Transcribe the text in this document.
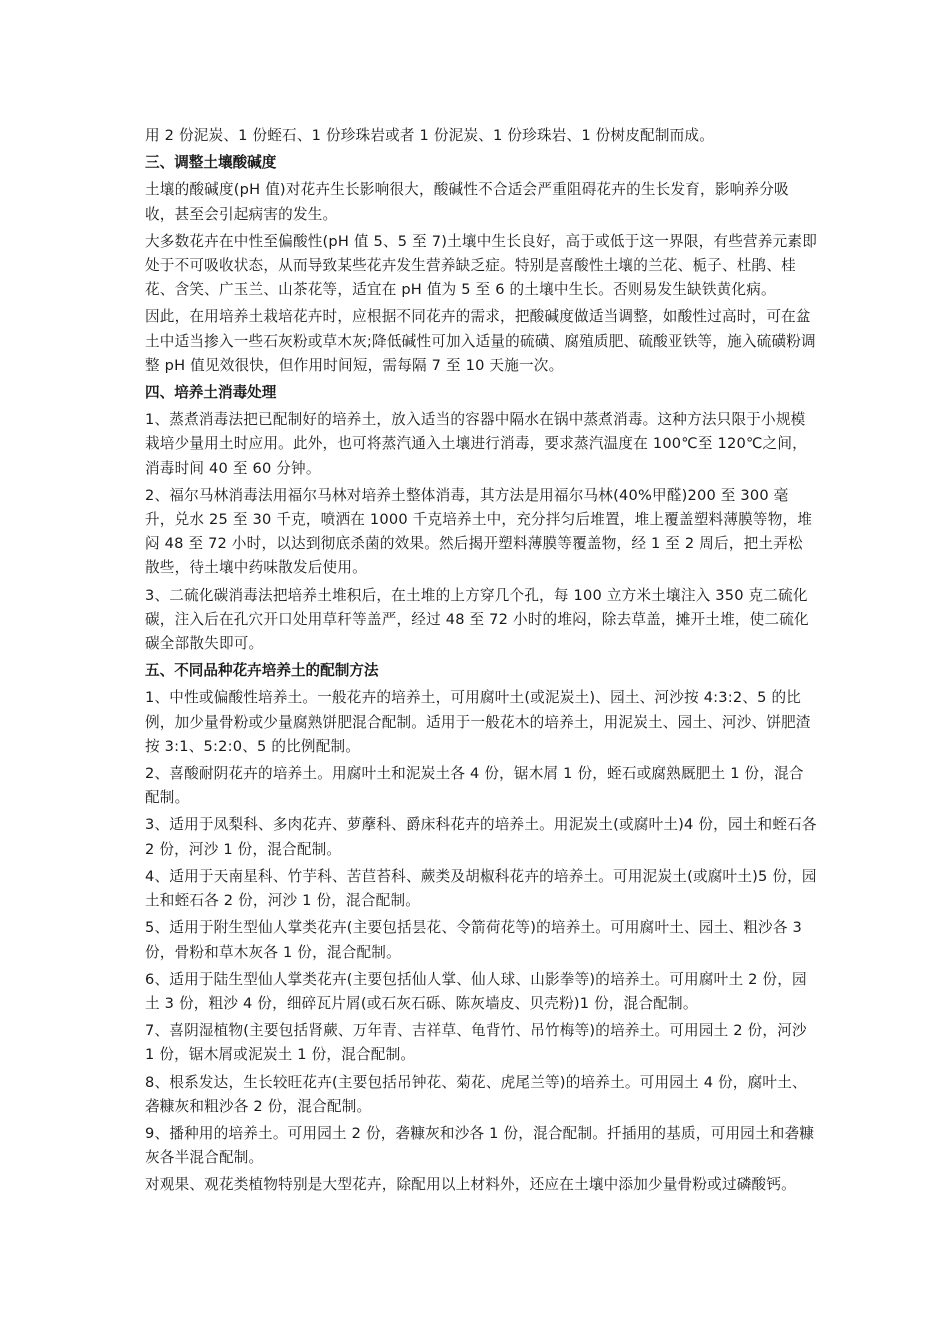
用 2 份泥炭、1 份蛭石、1 份珍珠岩或者 1 份泥炭、1 份珍珠岩、1 份树皮配制而成。

三、调整土壤酸碱度

土壤的酸碱度(pH 值)对花卉生长影响很大，酸碱性不合适会严重阻碍花卉的生长发育，影响养分吸收，甚至会引起病害的发生。

大多数花卉在中性至偏酸性(pH 值 5、5 至 7)土壤中生长良好，高于或低于这一界限，有些营养元素即处于不可吸收状态，从而导致某些花卉发生营养缺乏症。特别是喜酸性土壤的兰花、栀子、杜鹃、桂花、含笑、广玉兰、山茶花等，适宜在 pH 值为 5 至 6 的土壤中生长。否则易发生缺铁黄化病。

因此，在用培养土栽培花卉时，应根据不同花卉的需求，把酸碱度做适当调整，如酸性过高时，可在盆土中适当掺入一些石灰粉或草木灰;降低碱性可加入适量的硫磺、腐殖质肥、硫酸亚铁等，施入硫磺粉调整 pH 值见效很快，但作用时间短，需每隔 7 至 10 天施一次。

四、培养土消毒处理

1、蒸煮消毒法把已配制好的培养土，放入适当的容器中隔水在锅中蒸煮消毒。这种方法只限于小规模栽培少量用土时应用。此外，也可将蒸汽通入土壤进行消毒，要求蒸汽温度在 100℃至 120℃之间，消毒时间 40 至 60 分钟。

2、福尔马林消毒法用福尔马林对培养土整体消毒，其方法是用福尔马林(40%甲醛)200 至 300 毫升，兑水 25 至 30 千克，喷洒在 1000 千克培养土中，充分拌匀后堆置，堆上覆盖塑料薄膜等物，堆闷 48 至 72 小时，以达到彻底杀菌的效果。然后揭开塑料薄膜等覆盖物，经 1 至 2 周后，把土弄松散些，待土壤中药味散发后使用。

3、二硫化碳消毒法把培养土堆积后，在土堆的上方穿几个孔，每 100 立方米土壤注入 350 克二硫化碳，注入后在孔穴开口处用草秆等盖严，经过 48 至 72 小时的堆闷，除去草盖，摊开土堆，使二硫化碳全部散失即可。

五、不同品种花卉培养土的配制方法

1、中性或偏酸性培养土。一般花卉的培养土，可用腐叶土(或泥炭土)、园土、河沙按 4:3:2、5 的比例，加少量骨粉或少量腐熟饼肥混合配制。适用于一般花木的培养土，用泥炭土、园土、河沙、饼肥渣按 3:1、5:2:0、5 的比例配制。

2、喜酸耐阴花卉的培养土。用腐叶土和泥炭土各 4 份，锯木屑 1 份，蛭石或腐熟厩肥土 1 份，混合配制。

3、适用于凤梨科、多肉花卉、萝藦科、爵床科花卉的培养土。用泥炭土(或腐叶土)4 份，园土和蛭石各 2 份，河沙 1 份，混合配制。

4、适用于天南星科、竹芋科、苦苣苔科、蕨类及胡椒科花卉的培养土。可用泥炭土(或腐叶土)5 份，园土和蛭石各 2 份，河沙 1 份，混合配制。

5、适用于附生型仙人掌类花卉(主要包括昙花、令箭荷花等)的培养土。可用腐叶土、园土、粗沙各 3 份，骨粉和草木灰各 1 份，混合配制。

6、适用于陆生型仙人掌类花卉(主要包括仙人掌、仙人球、山影拳等)的培养土。可用腐叶土 2 份，园土 3 份，粗沙 4 份，细碎瓦片屑(或石灰石砾、陈灰墙皮、贝壳粉)1 份，混合配制。

7、喜阴湿植物(主要包括肾蕨、万年青、吉祥草、龟背竹、吊竹梅等)的培养土。可用园土 2 份，河沙 1 份，锯木屑或泥炭土 1 份，混合配制。

8、根系发达，生长较旺花卉(主要包括吊钟花、菊花、虎尾兰等)的培养土。可用园土 4 份，腐叶土、砻糠灰和粗沙各 2 份，混合配制。

9、播种用的培养土。可用园土 2 份，砻糠灰和沙各 1 份，混合配制。扦插用的基质，可用园土和砻糠灰各半混合配制。

对观果、观花类植物特别是大型花卉，除配用以上材料外，还应在土壤中添加少量骨粉或过磷酸钙。
